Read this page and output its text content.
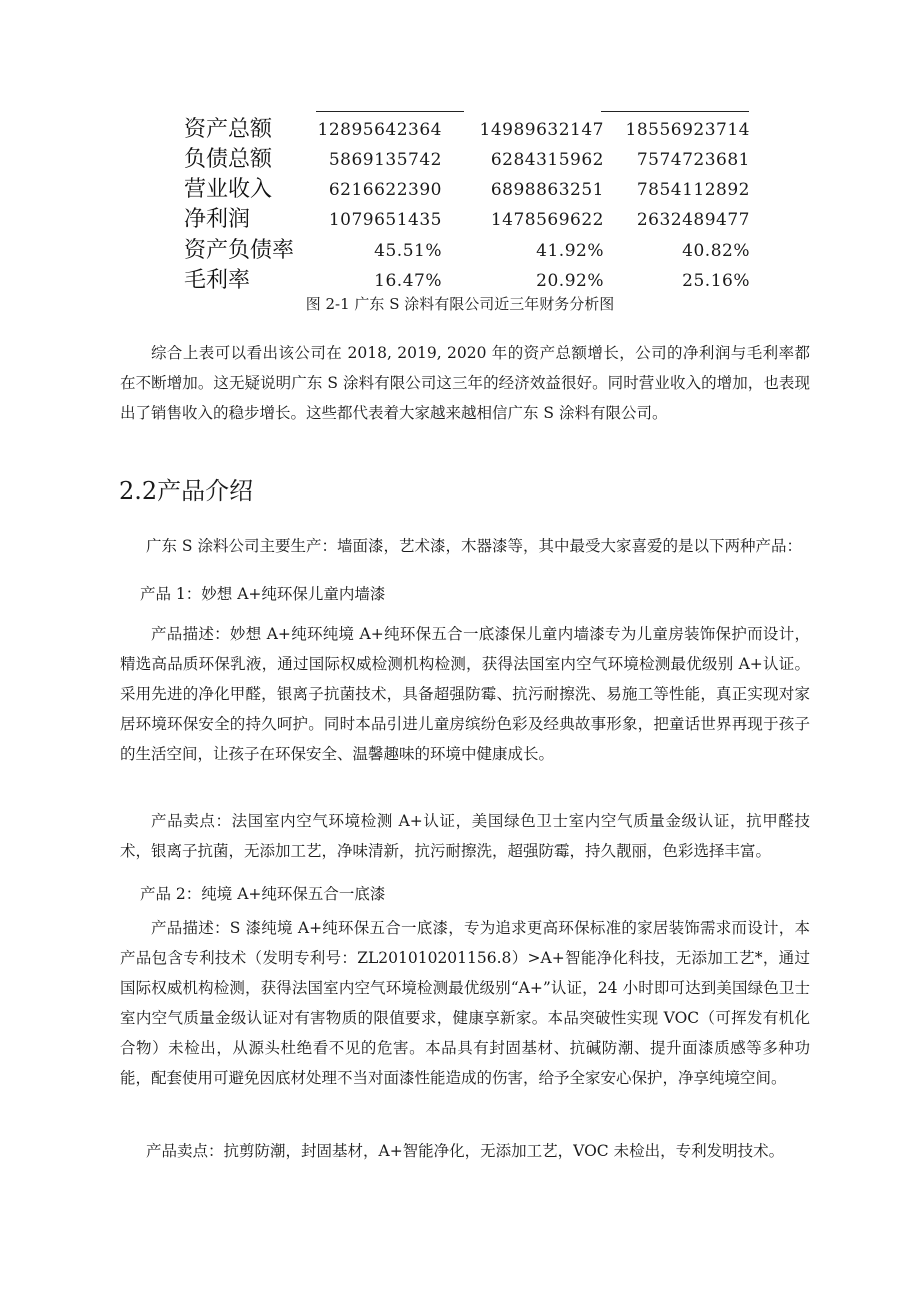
资产总额	12895642364 14989632147 18556923714
负债总额	5869135742	6284315962 7574723681
营业收入	6216622390	6898863251 7854112892
净利润	1079651435	1478569622 2632489477
资产负债率	45.51%	41.92%	40.82%
毛利率	16.47%	20.92%	25.16%
图 2-1 广东 S 涂料有限公司近三年财务分析图

综合上表可以看出该公司在 2018, 2019, 2020 年的资产总额增长，公司的净利润与毛利率都在不断增加。这无疑说明广东 S 涂料有限公司这三年的经济效益很好。同时营业收入的增加，也表现出了销售收入的稳步增长。这些都代表着大家越来越相信广东 S 涂料有限公司。

2.2产品介绍

广东 S 涂料公司主要生产：墙面漆，艺术漆，木器漆等，其中最受大家喜爱的是以下两种产品：

产品 1：妙想 A+纯环保儿童内墙漆

产品描述：妙想 A+纯环纯境 A+纯环保五合一底漆保儿童内墙漆专为儿童房装饰保护而设计，精选高品质环保乳液，通过国际权威检测机构检测，获得法国室内空气环境检测最优级别 A+认证。采用先进的净化甲醛，银离子抗菌技术，具备超强防霉、抗污耐擦洗、易施工等性能，真正实现对家居环境环保安全的持久呵护。同时本品引进儿童房缤纷色彩及经典故事形象，把童话世界再现于孩子的生活空间，让孩子在环保安全、温馨趣味的环境中健康成长。

产品卖点：法国室内空气环境检测 A+认证，美国绿色卫士室内空气质量金级认证，抗甲醛技术，银离子抗菌，无添加工艺，净味清新，抗污耐擦洗，超强防霉，持久靓丽，色彩选择丰富。

产品 2：纯境 A+纯环保五合一底漆

产品描述：S 漆纯境 A+纯环保五合一底漆，专为追求更高环保标准的家居装饰需求而设计，本产品包含专利技术（发明专利号：ZL201010201156.8）>A+智能净化科技，无添加工艺*，通过国际权威机构检测，获得法国室内空气环境检测最优级别“A+”认证，24 小时即可达到美国绿色卫士室内空气质量金级认证对有害物质的限值要求，健康享新家。本品突破性实现 VOC（可挥发有机化合物）未检出，从源头杜绝看不见的危害。本品具有封固基材、抗碱防潮、提升面漆质感等多种功能，配套使用可避免因底材处理不当对面漆性能造成的伤害，给予全家安心保护，净享纯境空间。

产品卖点：抗剪防潮，封固基材，A+智能净化，无添加工艺，VOC 未检出，专利发明技术。
